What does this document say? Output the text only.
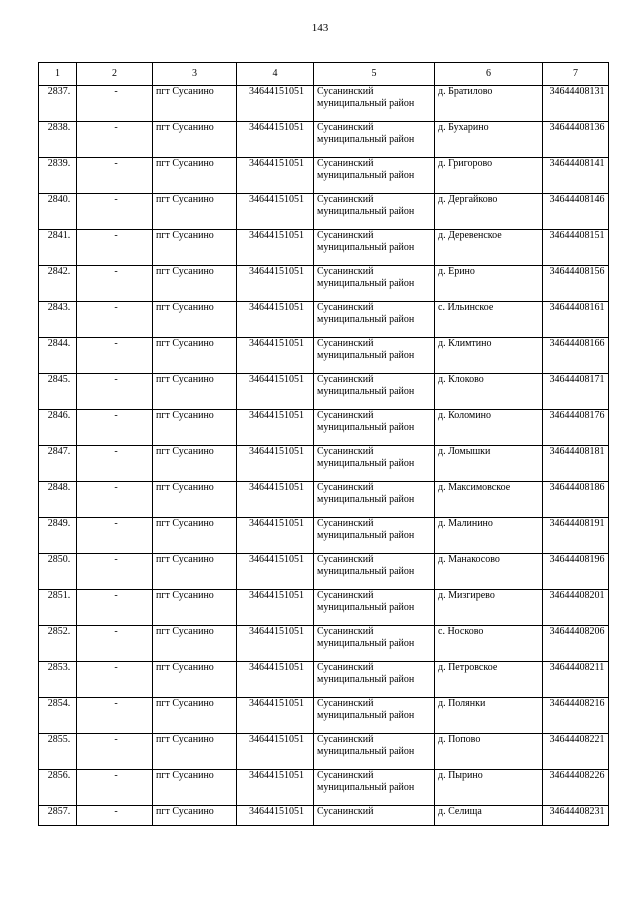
143
1	2	3	4	5	6	7
2837.	-	пгт Сусанино	34644151051	Сусанинский муниципальный район	д. Братилово	34644408131
2838.	-	пгт Сусанино	34644151051	Сусанинский муниципальный район	д. Бухарино	34644408136
2839.	-	пгт Сусанино	34644151051	Сусанинский муниципальный район	д. Григорово	34644408141
2840.	-	пгт Сусанино	34644151051	Сусанинский муниципальный район	д. Дергайково	34644408146
2841.	-	пгт Сусанино	34644151051	Сусанинский муниципальный район	д. Деревенское	34644408151
2842.	-	пгт Сусанино	34644151051	Сусанинский муниципальный район	д. Ерино	34644408156
2843.	-	пгт Сусанино	34644151051	Сусанинский муниципальный район	с. Ильинское	34644408161
2844.	-	пгт Сусанино	34644151051	Сусанинский муниципальный район	д. Климтино	34644408166
2845.	-	пгт Сусанино	34644151051	Сусанинский муниципальный район	д. Клоково	34644408171
2846.	-	пгт Сусанино	34644151051	Сусанинский муниципальный район	д. Коломино	34644408176
2847.	-	пгт Сусанино	34644151051	Сусанинский муниципальный район	д. Ломышки	34644408181
2848.	-	пгт Сусанино	34644151051	Сусанинский муниципальный район	д. Максимовское	34644408186
2849.	-	пгт Сусанино	34644151051	Сусанинский муниципальный район	д. Малинино	34644408191
2850.	-	пгт Сусанино	34644151051	Сусанинский муниципальный район	д. Манакосово	34644408196
2851.	-	пгт Сусанино	34644151051	Сусанинский муниципальный район	д. Мизгирево	34644408201
2852.	-	пгт Сусанино	34644151051	Сусанинский муниципальный район	с. Носково	34644408206
2853.	-	пгт Сусанино	34644151051	Сусанинский муниципальный район	д. Петровское	34644408211
2854.	-	пгт Сусанино	34644151051	Сусанинский муниципальный район	д. Полянки	34644408216
2855.	-	пгт Сусанино	34644151051	Сусанинский муниципальный район	д. Попово	34644408221
2856.	-	пгт Сусанино	34644151051	Сусанинский муниципальный район	д. Пырино	34644408226
2857.	-	пгт Сусанино	34644151051	Сусанинский	д. Селища	34644408231
